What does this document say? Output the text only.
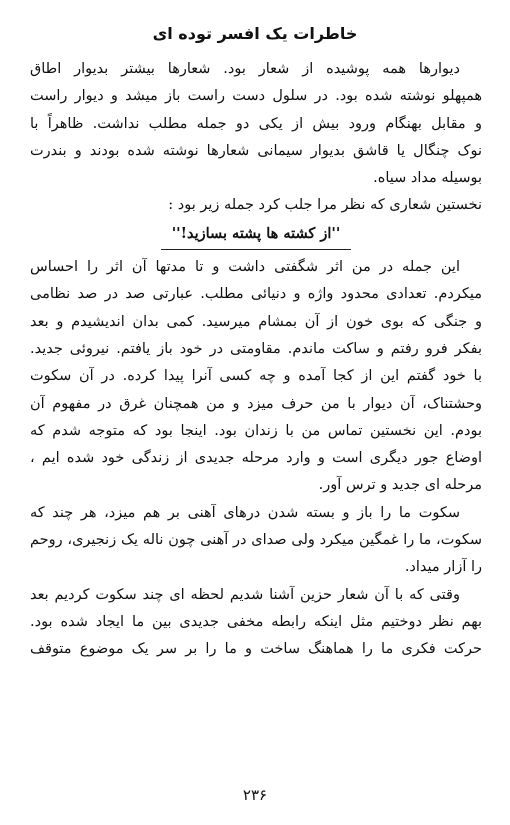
خاطرات یک افسر توده ای
دیوارها همه پوشیده از شعار بود. شعارها بیشتر بدیوار اطاق
همپهلو نوشته شده بود. در سلول دست راست باز میشد و دیوار راست
و مقابل بهنگام ورود بیش از یکی دو جمله مطلب نداشت. ظاهراً با
نوک چنگال یا قاشق بدیوار سیمانی شعارها نوشته شده بودند و بندرت
بوسیله مداد سیاه.
نخستین شعاری که نظر مرا جلب کرد جمله زیر بود :
''از کشته ها پشته بسازید!''
این جمله در من اثر شگفتی داشت و تا مدتها آن اثر را احساس
میکردم. تعدادی محدود واژه و دنیائی مطلب. عبارتی صد در صد نظامی
و جنگی که بوی خون از آن بمشام میرسید. کمی بدان اندیشیدم و بعد
بفکر فرو رفتم و ساکت ماندم. مقاومتی در خود باز یافتم. نیروئی جدید.
با خود گفتم این از کجا آمده و چه کسی آنرا پیدا کرده. در آن سکوت
وحشتناک، آن دیوار با من حرف میزد و من همچنان غرق در مفهوم آن
بودم. این نخستین تماس من با زندان بود. اینجا بود که متوجه شدم که
اوضاع جور دیگری است و وارد مرحله جدیدی از زندگی خود شده ایم ،
مرحله ای جدید و ترس آور.
سکوت ما را باز و بسته شدن درهای آهنی بر هم میزد، هر چند که
سکوت، ما را غمگین میکرد ولی صدای در آهنی چون ناله یک زنجیری، روحم
را آزار میداد.
وقتی که با آن شعار حزین آشنا شدیم لحظه ای چند سکوت کردیم بعد
بهم نظر دوختیم مثل اینکه رابطه مخفی جدیدی بین ما ایجاد شده بود.
حرکت فکری ما را هماهنگ ساخت و ما را بر سر یک موضوع متوقف
۲۳۶
